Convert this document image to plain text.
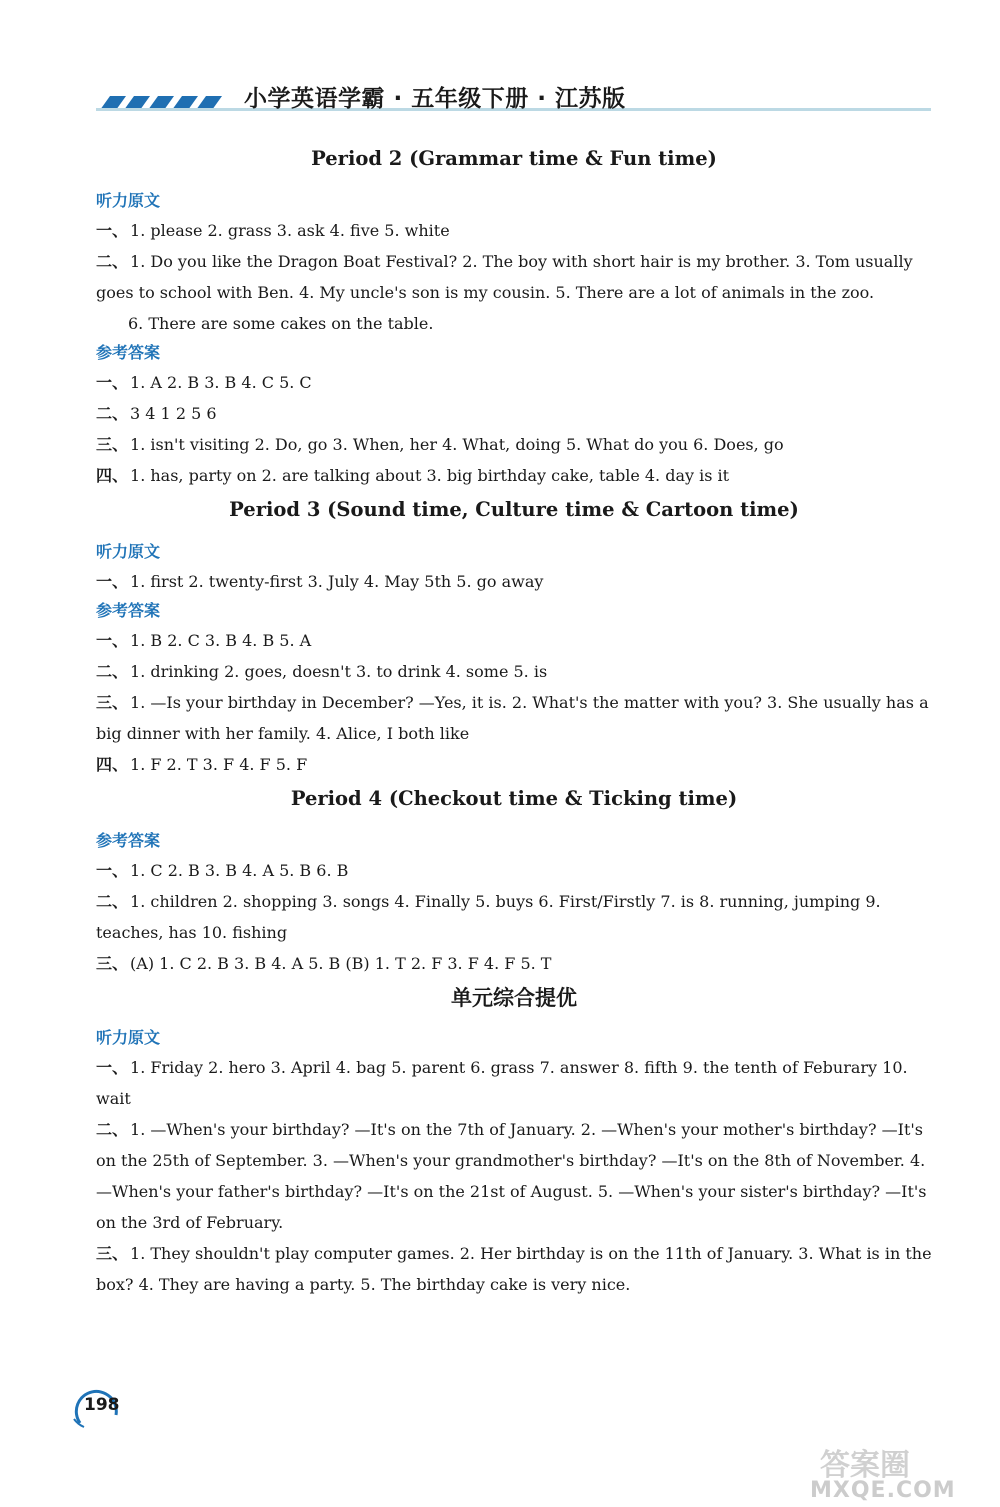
小学英语学霸 · 五年级下册 · 江苏版
Period 2 (Grammar time & Fun time)
听力原文
一、 1. please 2. grass 3. ask 4. five 5. white
二、 1. Do you like the Dragon Boat Festival? 2. The boy with short hair is my brother. 3. Tom usually goes to school with Ben. 4. My uncle's son is my cousin. 5. There are a lot of animals in the zoo.
6. There are some cakes on the table.
参考答案
一、 1. A 2. B 3. B 4. C 5. C
二、 3 4 1 2 5 6
三、 1. isn't visiting 2. Do, go 3. When, her 4. What, doing 5. What do you 6. Does, go
四、 1. has, party on 2. are talking about 3. big birthday cake, table 4. day is it
Period 3 (Sound time, Culture time & Cartoon time)
听力原文
一、 1. first 2. twenty-first 3. July 4. May 5th 5. go away
参考答案
一、 1. B 2. C 3. B 4. B 5. A
二、 1. drinking 2. goes, doesn't 3. to drink 4. some 5. is
三、 1. —Is your birthday in December? —Yes, it is. 2. What's the matter with you? 3. She usually has a big dinner with her family. 4. Alice, I both like
四、 1. F 2. T 3. F 4. F 5. F
Period 4 (Checkout time & Ticking time)
参考答案
一、 1. C 2. B 3. B 4. A 5. B 6. B
二、 1. children 2. shopping 3. songs 4. Finally 5. buys 6. First/Firstly 7. is 8. running, jumping 9. teaches, has 10. fishing
三、 (A) 1. C 2. B 3. B 4. A 5. B (B) 1. T 2. F 3. F 4. F 5. T
单元综合提优
听力原文
一、 1. Friday 2. hero 3. April 4. bag 5. parent 6. grass 7. answer 8. fifth 9. the tenth of Feburary 10. wait
二、 1. —When's your birthday? —It's on the 7th of January. 2. —When's your mother's birthday? —It's on the 25th of September. 3. —When's your grandmother's birthday? —It's on the 8th of November. 4. —When's your father's birthday? —It's on the 21st of August. 5. —When's your sister's birthday? —It's on the 3rd of February.
三、 1. They shouldn't play computer games. 2. Her birthday is on the 11th of January. 3. What is in the box? 4. They are having a party. 5. The birthday cake is very nice.
198
答案圈
MXQE.COM
